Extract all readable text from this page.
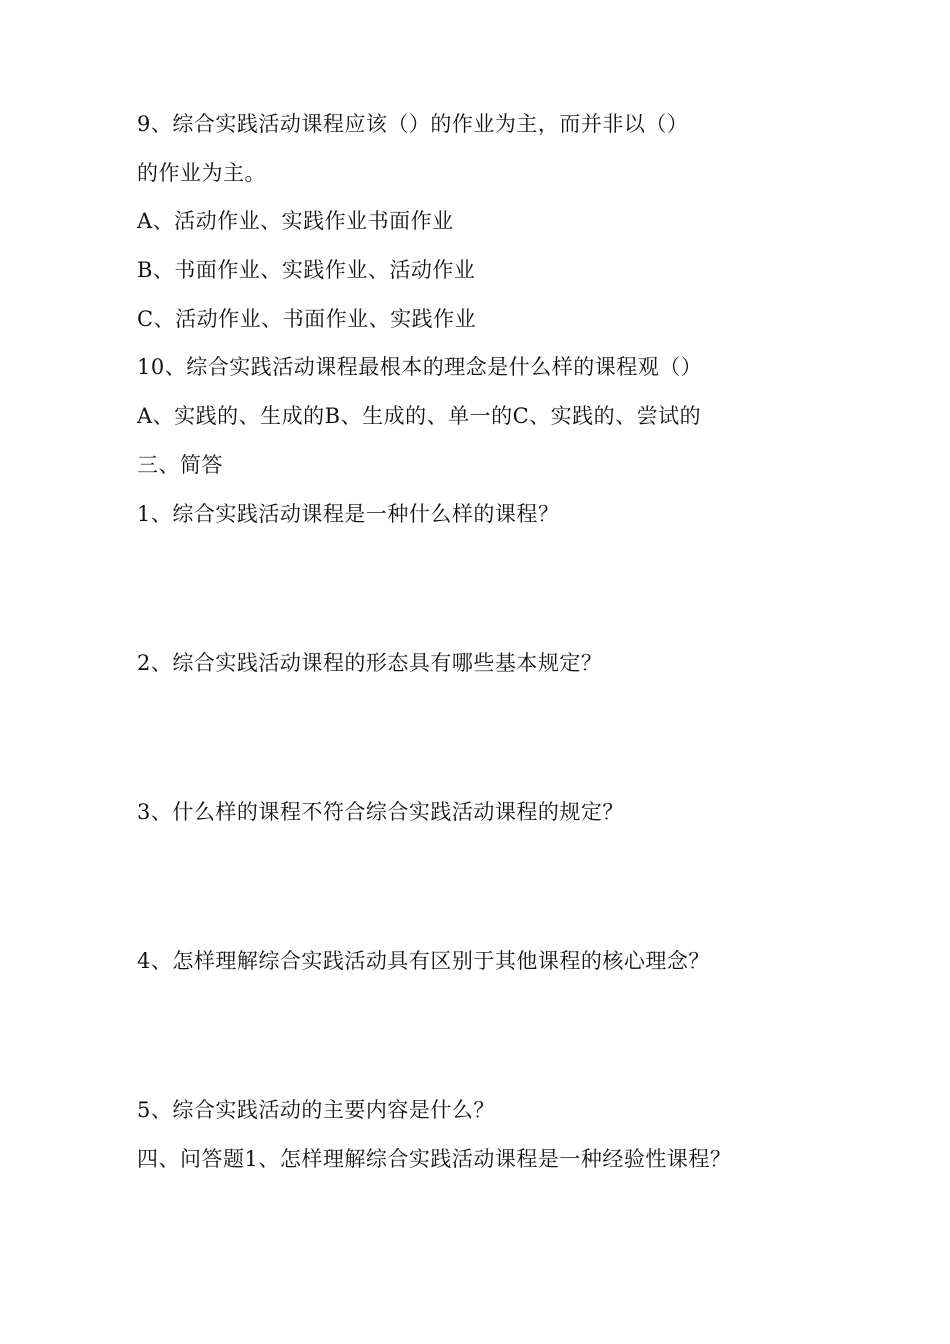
9、综合实践活动课程应该（）的作业为主，而并非以（）
的作业为主。
A、活动作业、实践作业书面作业
B、书面作业、实践作业、活动作业
C、活动作业、书面作业、实践作业
10、综合实践活动课程最根本的理念是什么样的课程观（）
A、实践的、生成的B、生成的、单一的C、实践的、尝试的
三、简答
1、综合实践活动课程是一种什么样的课程？
2、综合实践活动课程的形态具有哪些基本规定？
3、什么样的课程不符合综合实践活动课程的规定？
4、怎样理解综合实践活动具有区别于其他课程的核心理念？
5、综合实践活动的主要内容是什么？
四、问答题1、怎样理解综合实践活动课程是一种经验性课程？
